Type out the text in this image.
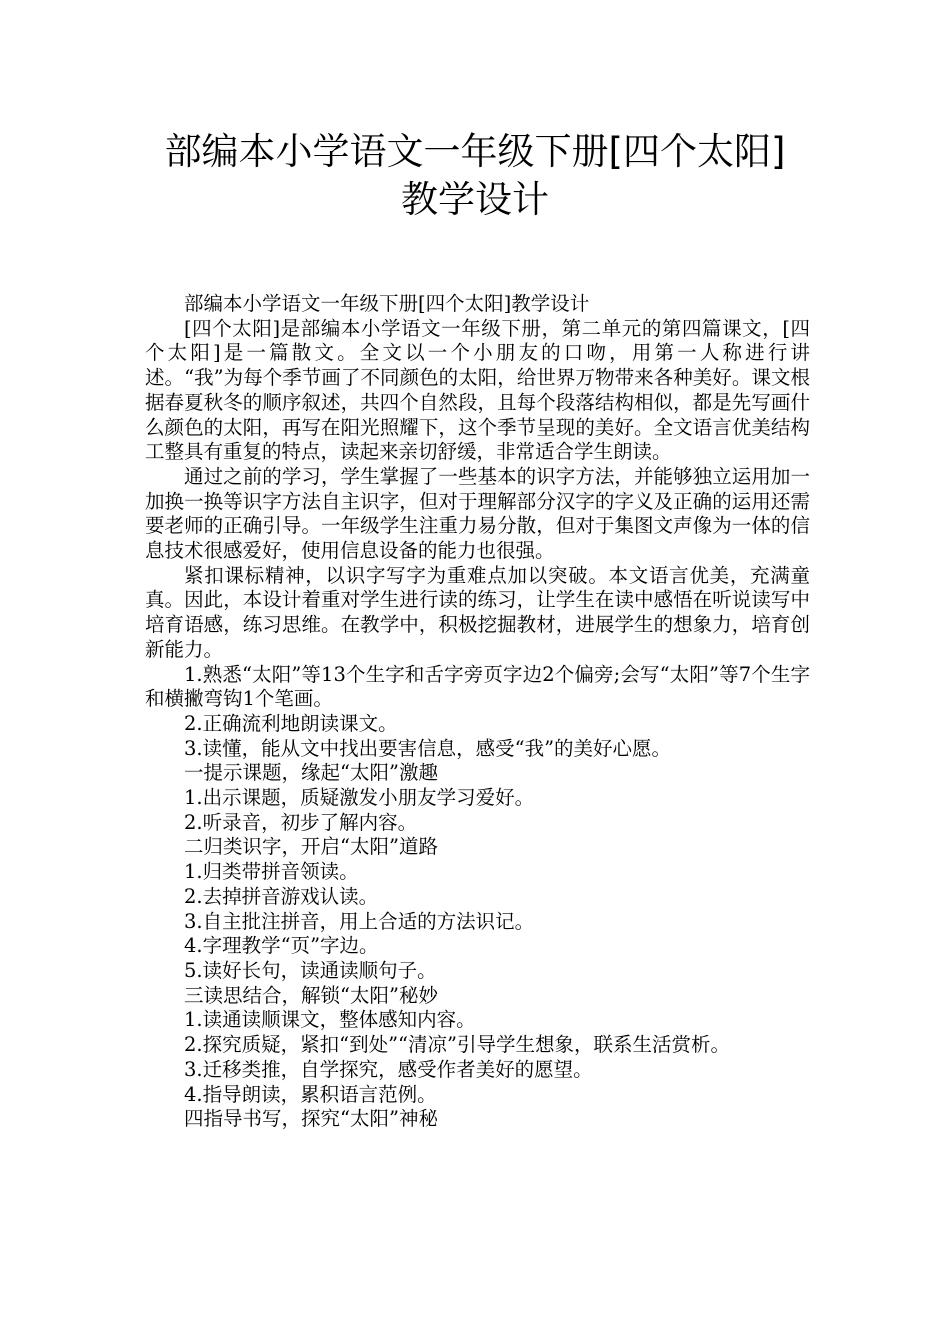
部编本小学语文一年级下册[四个太阳]
教学设计

部编本小学语文一年级下册[四个太阳]教学设计

[四个太阳]是部编本小学语文一年级下册，第二单元的第四篇课文，[四个太阳]是一篇散文。全文以一个小朋友的口吻，用第一人称进行讲述。“我”为每个季节画了不同颜色的太阳，给世界万物带来各种美好。课文根据春夏秋冬的顺序叙述，共四个自然段，且每个段落结构相似，都是先写画什么颜色的太阳，再写在阳光照耀下，这个季节呈现的美好。全文语言优美结构工整具有重复的特点，读起来亲切舒缓，非常适合学生朗读。

通过之前的学习，学生掌握了一些基本的识字方法，并能够独立运用加一加换一换等识字方法自主识字，但对于理解部分汉字的字义及正确的运用还需要老师的正确引导。一年级学生注重力易分散，但对于集图文声像为一体的信息技术很感爱好，使用信息设备的能力也很强。

紧扣课标精神，以识字写字为重难点加以突破。本文语言优美，充满童真。因此，本设计着重对学生进行读的练习，让学生在读中感悟在听说读写中培育语感，练习思维。在教学中，积极挖掘教材，进展学生的想象力，培育创新能力。

1.熟悉“太阳”等13个生字和舌字旁页字边2个偏旁;会写“太阳”等7个生字和横撇弯钩1个笔画。

2.正确流利地朗读课文。

3.读懂，能从文中找出要害信息，感受“我”的美好心愿。

一提示课题，缘起“太阳”激趣

1.出示课题，质疑激发小朋友学习爱好。

2.听录音，初步了解内容。

二归类识字，开启“太阳”道路

1.归类带拼音领读。

2.去掉拼音游戏认读。

3.自主批注拼音，用上合适的方法识记。

4.字理教学“页”字边。

5.读好长句，读通读顺句子。

三读思结合，解锁“太阳”秘妙

1.读通读顺课文，整体感知内容。

2.探究质疑，紧扣“到处”“清凉”引导学生想象，联系生活赏析。

3.迁移类推，自学探究，感受作者美好的愿望。

4.指导朗读，累积语言范例。

四指导书写，探究“太阳”神秘
